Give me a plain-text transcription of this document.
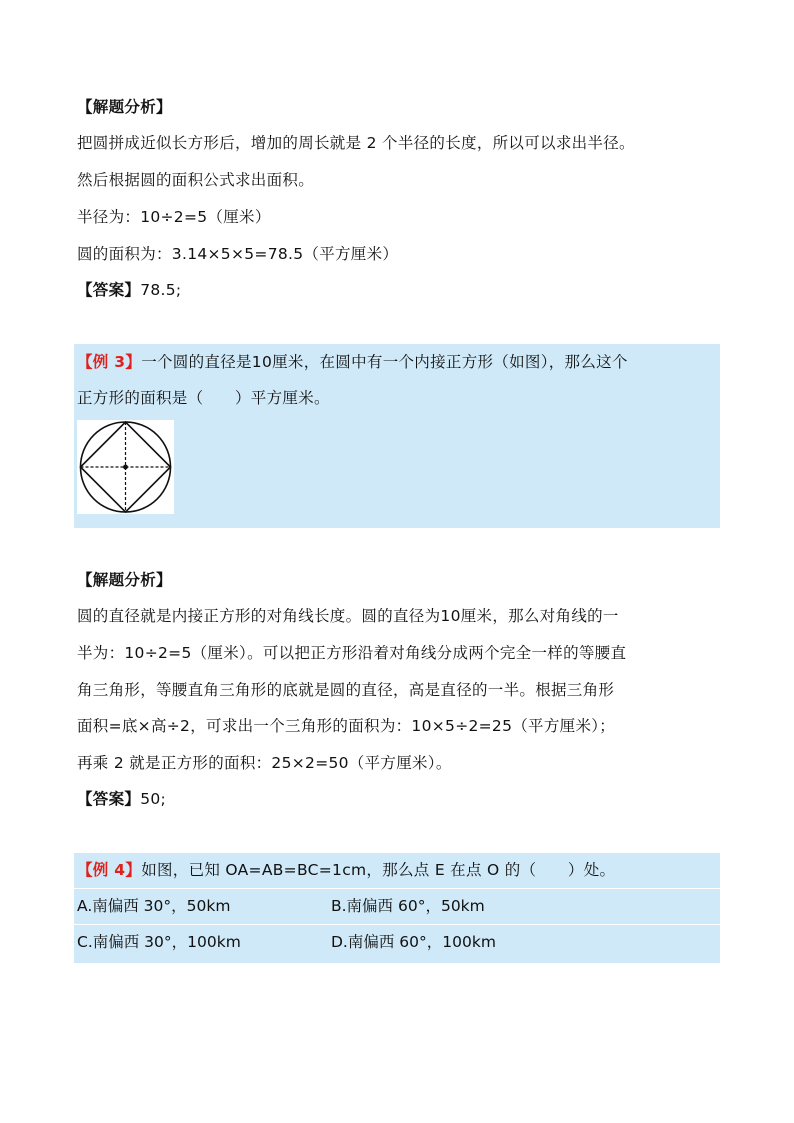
【解题分析】
把圆拼成近似长方形后，增加的周长就是 2 个半径的长度，所以可以求出半径。
然后根据圆的面积公式求出面积。
半径为：10÷2=5（厘米）
圆的面积为：3.14×5×5=78.5（平方厘米）
【答案】78.5;
【例 3】一个圆的直径是10厘米，在圆中有一个内接正方形（如图），那么这个
正方形的面积是（　　）平方厘米。
【解题分析】
圆的直径就是内接正方形的对角线长度。圆的直径为10厘米，那么对角线的一
半为：10÷2=5（厘米）。可以把正方形沿着对角线分成两个完全一样的等腰直
角三角形，等腰直角三角形的底就是圆的直径，高是直径的一半。根据三角形
面积=底×高÷2，可求出一个三角形的面积为：10×5÷2=25（平方厘米）；
再乘 2 就是正方形的面积：25×2=50（平方厘米）。
【答案】50;
【例 4】如图，已知 OA=AB=BC=1cm，那么点 E 在点 O 的（　　）处。
A.南偏西 30°，50km	B.南偏西 60°，50km
C.南偏西 30°，100km	D.南偏西 60°，100km
